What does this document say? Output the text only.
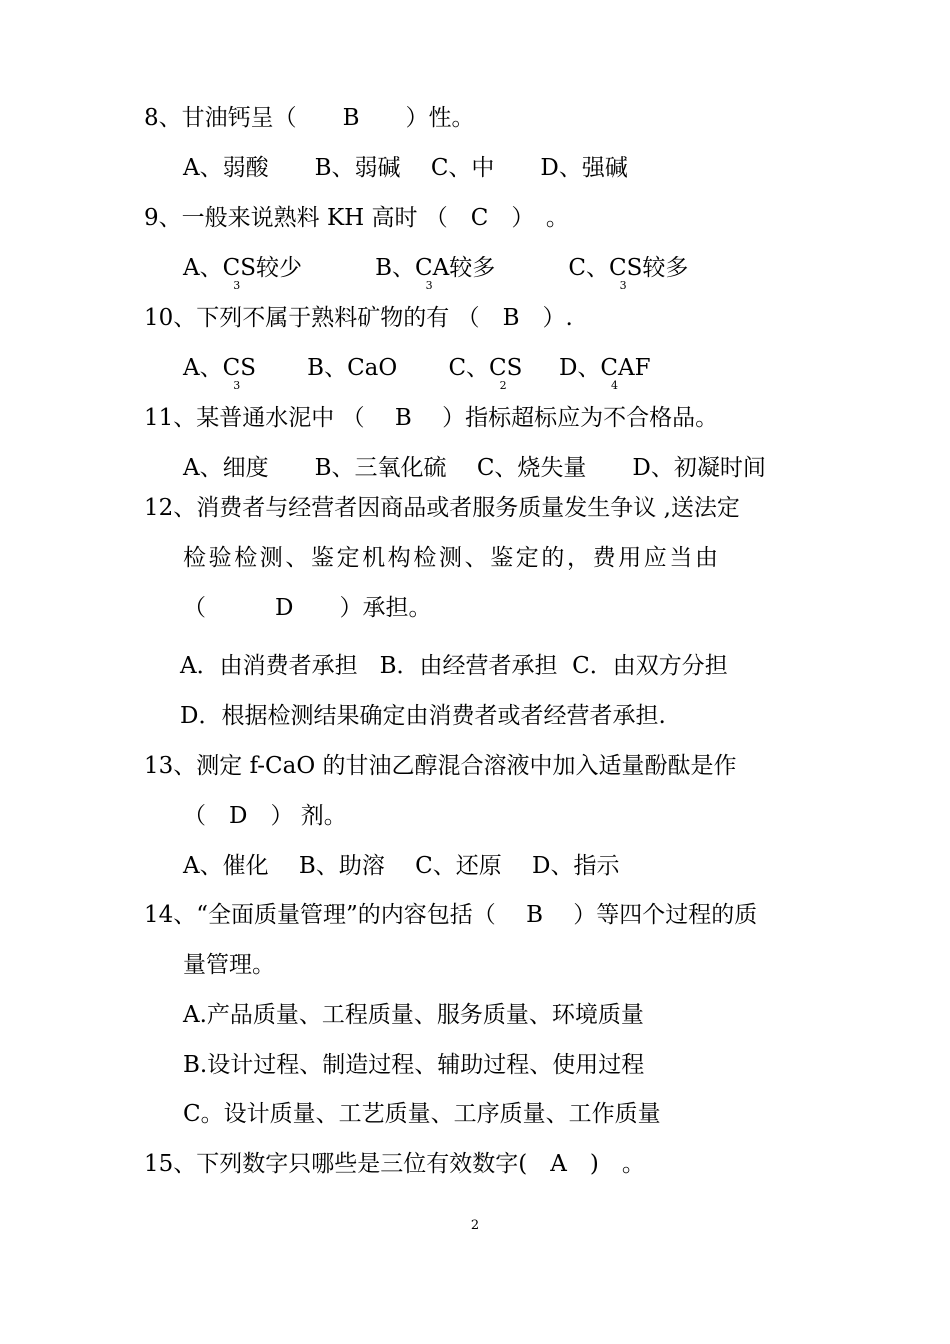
8、甘油钙呈（　　B　　）性。
A、弱酸　　B、弱碱　 C、中　　D、强碱
9、一般来说熟料 KH 高时 （　C　）　。
A、CS
3
较少	B、CA
3
较多	C、CS
3
较多
10、下列不属于熟料矿物的有 （　B　）.
A、CS
3
B、CaO C、CS
2
D、CAF
4
11、某普通水泥中 （　 B　 ）指标超标应为不合格品。
A、细度　　B、三氧化硫　 C、烧失量　　D、初凝时间
12、消费者与经营者因商品或者服务质量发生争议 ,送法定
检验检测、鉴定机构检测、鉴定的，费用应当由
（　　　D　　）承担。
A．由消费者承担 B．由经营者承担 C．由双方分担
D．根据检测结果确定由消费者或者经营者承担.
13、测定 f-CaO 的甘油乙醇混合溶液中加入适量酚酞是作
（　D　） 剂。
A、催化　 B、助溶　 C、还原　 D、指示
14、“全面质量管理”的内容包括（　 B　 ）等四个过程的质
量管理。
A.产品质量、工程质量、服务质量、环境质量
B.设计过程、制造过程、辅助过程、使用过程
C。设计质量、工艺质量、工序质量、工作质量
15、下列数字只哪些是三位有效数字(　A　)　。
2
